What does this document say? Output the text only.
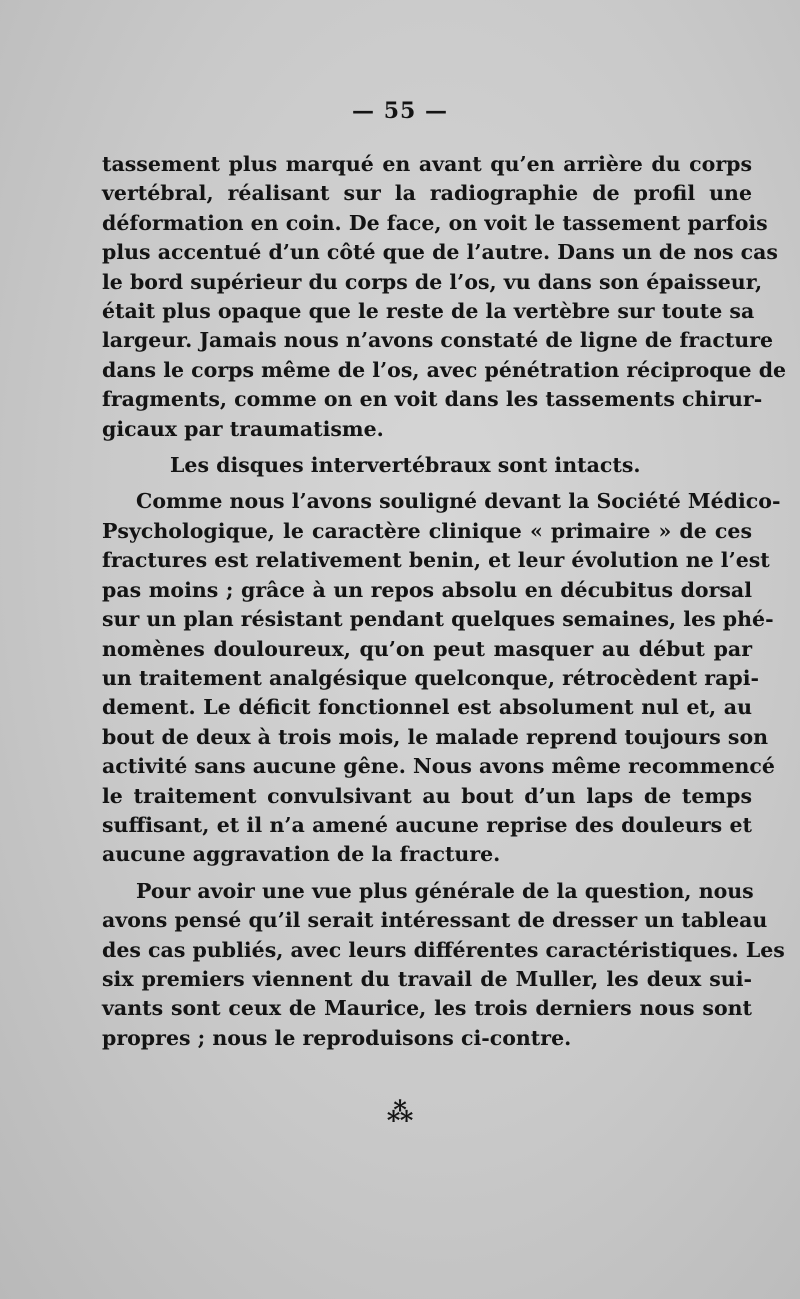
— 55 —

tassement plus marqué en avant qu’en arrière du corps
vertébral, réalisant sur la radiographie de profil une
déformation en coin. De face, on voit le tassement parfois
plus accentué d’un côté que de l’autre. Dans un de nos cas
le bord supérieur du corps de l’os, vu dans son épaisseur,
était plus opaque que le reste de la vertèbre sur toute sa
largeur. Jamais nous n’avons constaté de ligne de fracture
dans le corps même de l’os, avec pénétration réciproque de
fragments, comme on en voit dans les tassements chirur-
gicaux par traumatisme.

Les disques intervertébraux sont intacts.

Comme nous l’avons souligné devant la Société Médico-
Psychologique, le caractère clinique « primaire » de ces
fractures est relativement benin, et leur évolution ne l’est
pas moins ; grâce à un repos absolu en décubitus dorsal
sur un plan résistant pendant quelques semaines, les phé-
nomènes douloureux, qu’on peut masquer au début par
un traitement analgésique quelconque, rétrocèdent rapi-
dement. Le déficit fonctionnel est absolument nul et, au
bout de deux à trois mois, le malade reprend toujours son
activité sans aucune gêne. Nous avons même recommencé
le traitement convulsivant au bout d’un laps de temps
suffisant, et il n’a amené aucune reprise des douleurs et
aucune aggravation de la fracture.

Pour avoir une vue plus générale de la question, nous
avons pensé qu’il serait intéressant de dresser un tableau
des cas publiés, avec leurs différentes caractéristiques. Les
six premiers viennent du travail de Muller, les deux sui-
vants sont ceux de Maurice, les trois derniers nous sont
propres ; nous le reproduisons ci-contre.

⁂
